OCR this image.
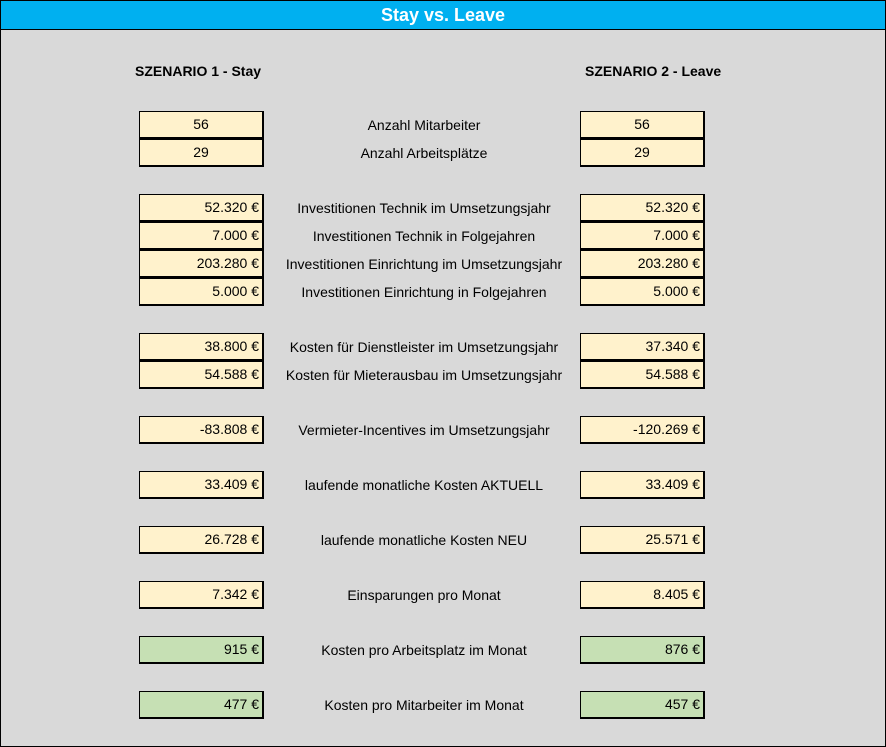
Stay vs. Leave
SZENARIO 1 - Stay	SZENARIO 2 - Leave
56	Anzahl Mitarbeiter	56
29	Anzahl Arbeitsplätze	29
52.320 €	Investitionen Technik im Umsetzungsjahr	52.320 €
7.000 €	Investitionen Technik in Folgejahren	7.000 €
203.280 €	Investitionen Einrichtung im Umsetzungsjahr	203.280 €
5.000 €	Investitionen Einrichtung in Folgejahren	5.000 €
38.800 €	Kosten für Dienstleister im Umsetzungsjahr	37.340 €
54.588 €	Kosten für Mieterausbau im Umsetzungsjahr	54.588 €
-83.808 €	Vermieter-Incentives im Umsetzungsjahr	-120.269 €
33.409 €	laufende monatliche Kosten AKTUELL	33.409 €
26.728 €	laufende monatliche Kosten NEU	25.571 €
7.342 €	Einsparungen pro Monat	8.405 €
915 €	Kosten pro Arbeitsplatz im Monat	876 €
477 €	Kosten pro Mitarbeiter im Monat	457 €
